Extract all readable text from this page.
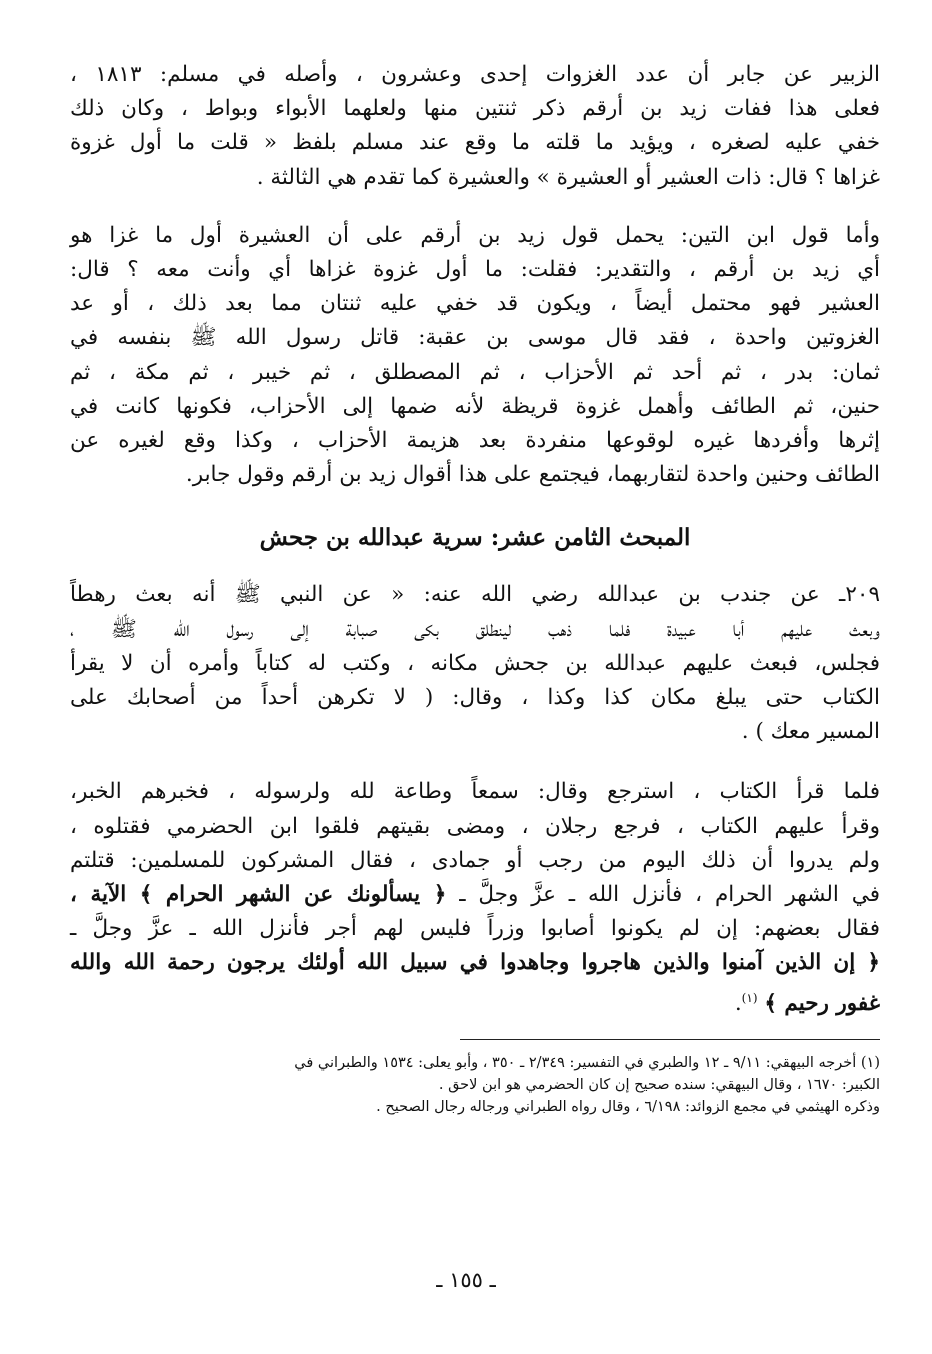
الزبير عن جابر أن عدد الغزوات إحدى وعشرون ، وأصله في مسلم: ١٨١٣ ،
فعلى هذا ففات زيد بن أرقم ذكر ثنتين منها ولعلهما الأبواء وبواط ، وكان ذلك
خفي عليه لصغره ، ويؤيد ما قلته ما وقع عند مسلم بلفظ « قلت ما أول غزوة
غزاها ؟ قال: ذات العشير أو العشيرة » والعشيرة كما تقدم هي الثالثة .

وأما قول ابن التين: يحمل قول زيد بن أرقم على أن العشيرة أول ما غزا هو
أي زيد بن أرقم ، والتقدير: فقلت: ما أول غزوة غزاها أي وأنت معه ؟ قال:
العشير فهو محتمل أيضاً ، ويكون قد خفي عليه ثنتان مما بعد ذلك ، أو عد
الغزوتين واحدة ، فقد قال موسى بن عقبة: قاتل رسول الله ﷺ بنفسه في
ثمان: بدر ، ثم أحد ثم الأحزاب ، ثم المصطلق ، ثم خيبر ، ثم مكة ، ثم
حنين، ثم الطائف وأهمل غزوة قريظة لأنه ضمها إلى الأحزاب، فكونها كانت في
إثرها وأفردها غيره لوقوعها منفردة بعد هزيمة الأحزاب ، وكذا وقع لغيره عن
الطائف وحنين واحدة لتقاربهما، فيجتمع على هذا أقوال زيد بن أرقم وقول جابر.

المبحث الثامن عشر: سرية عبدالله بن جحش

٢٠٩ـ عن جندب بن عبدالله رضي الله عنه: « عن النبي ﷺ أنه بعث رهطاً
وبعث عليهم أبا عبيدة فلما ذهب لينطلق بكى صبابة إلى رسول الله ﷺ ،
فجلس، فبعث عليهم عبدالله بن جحش مكانه ، وكتب له كتاباً وأمره أن لا يقرأ
الكتاب حتى يبلغ مكان كذا وكذا ، وقال: ( لا تكرهن أحداً من أصحابك على
المسير معك ) .

فلما قرأ الكتاب ، استرجع وقال: سمعاً وطاعة لله ولرسوله ، فخبرهم الخبر،
وقرأ عليهم الكتاب ، فرجع رجلان ، ومضى بقيتهم فلقوا ابن الحضرمي فقتلوه ،
ولم يدروا أن ذلك اليوم من رجب أو جمادى ، فقال المشركون للمسلمين: قتلتم
في الشهر الحرام ، فأنزل الله ـ عزَّ وجلَّ ـ ﴿ يسألونك عن الشهر الحرام ﴾ الآية ،
فقال بعضهم: إن لم يكونوا أصابوا وزراً فليس لهم أجر فأنزل الله ـ عزَّ وجلَّ ـ
﴿ إن الذين آمنوا والذين هاجروا وجاهدوا في سبيل الله أولئك يرجون رحمة الله والله
غفور رحيم ﴾ $^{(١)}$.

(١) أخرجه البيهقي: ٩/١١ ـ ١٢ والطبري في التفسير: ٢/٣٤٩ ـ ٣٥٠ ، وأبو يعلى: ١٥٣٤ والطبراني في
الكبير: ١٦٧٠ ، وقال البيهقي: سنده صحيح إن كان الحضرمي هو ابن لاحق .
وذكره الهيثمي في مجمع الزوائد: ٦/١٩٨ ، وقال رواه الطبراني ورجاله رجال الصحيح .

ـ ١٥٥ ـ
